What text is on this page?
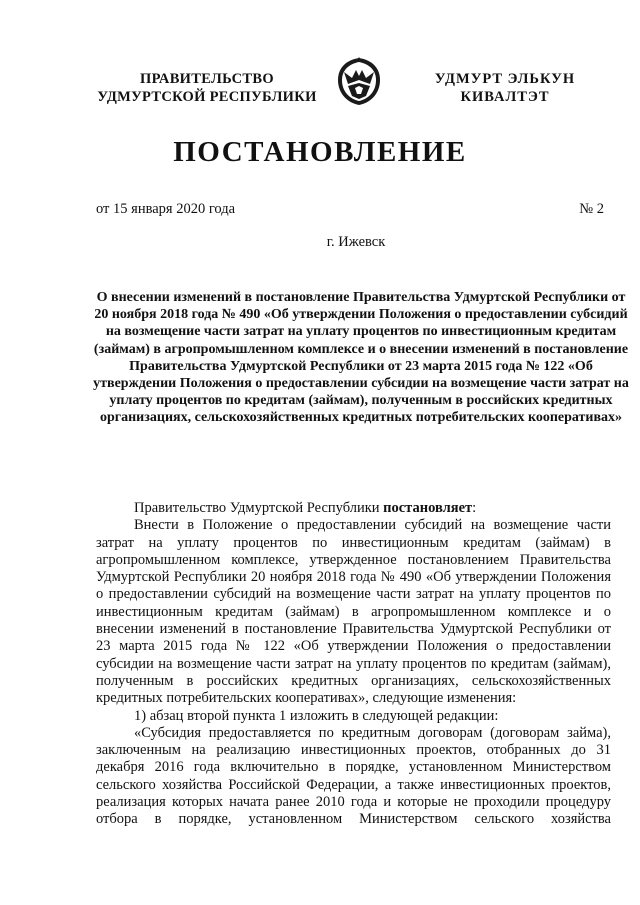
ПРАВИТЕЛЬСТВО
УДМУРТСКОЙ РЕСПУБЛИКИ
УДМУРТ ЭЛЬКУН
КИВАЛТЭТ
ПОСТАНОВЛЕНИЕ
от 15 января 2020 года	№ 2
г. Ижевск
О внесении изменений в постановление Правительства Удмуртской Республики от 20 ноября 2018 года № 490 «Об утверждении Положения о предоставлении субсидий на возмещение части затрат на уплату процентов по инвестиционным кредитам (займам) в агропромышленном комплексе и о внесении изменений в постановление Правительства Удмуртской Республики от 23 марта 2015 года № 122 «Об утверждении Положения о предоставлении субсидии на возмещение части затрат на уплату процентов по кредитам (займам), полученным в российских кредитных организациях, сельскохозяйственных кредитных потребительских кооперативах»

Правительство Удмуртской Республики постановляет:

Внести в Положение о предоставлении субсидий на возмещение части затрат на уплату процентов по инвестиционным кредитам (займам) в агропромышленном комплексе, утвержденное постановлением Правительства Удмуртской Республики 20 ноября 2018 года № 490 «Об утверждении Положения о предоставлении субсидий на возмещение части затрат на уплату процентов по инвестиционным кредитам (займам) в агропромышленном комплексе и о внесении изменений в постановление Правительства Удмуртской Республики от 23 марта 2015 года № 122 «Об утверждении Положения о предоставлении субсидии на возмещение части затрат на уплату процентов по кредитам (займам), полученным в российских кредитных организациях, сельскохозяйственных кредитных потребительских кооперативах», следующие изменения:

1) абзац второй пункта 1 изложить в следующей редакции:

«Субсидия предоставляется по кредитным договорам (договорам займа), заключенным на реализацию инвестиционных проектов, отобранных до 31 декабря 2016 года включительно в порядке, установленном Министерством сельского хозяйства Российской Федерации, а также инвестиционных проектов, реализация которых начата ранее 2010 года и которые не проходили процедуру отбора в порядке, установленном Министерством сельского хозяйства
